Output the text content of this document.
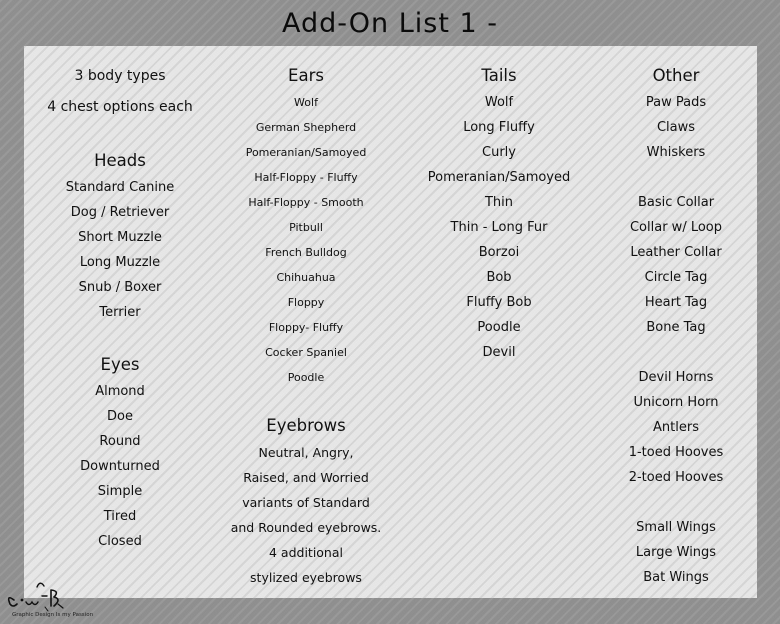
Add-On List 1 -
3 body types
4 chest options each
Heads
Standard Canine
Dog / Retriever
Short Muzzle
Long Muzzle
Snub / Boxer
Terrier
Eyes
Almond
Doe
Round
Downturned
Simple
Tired
Closed
Ears
Wolf
German Shepherd
Pomeranian/Samoyed
Half-Floppy - Fluffy
Half-Floppy - Smooth
Pitbull
French Bulldog
Chihuahua
Floppy
Floppy- Fluffy
Cocker Spaniel
Poodle
Eyebrows
Neutral, Angry,
Raised, and Worried
variants of Standard
and Rounded eyebrows.
4 additional
stylized eyebrows
Tails
Wolf
Long Fluffy
Curly
Pomeranian/Samoyed
Thin
Thin - Long Fur
Borzoi
Bob
Fluffy Bob
Poodle
Devil
Other
Paw Pads
Claws
Whiskers
Basic Collar
Collar w/ Loop
Leather Collar
Circle Tag
Heart Tag
Bone Tag
Devil Horns
Unicorn Horn
Antlers
1-toed Hooves
2-toed Hooves
Small Wings
Large Wings
Bat Wings
Graphic Design Is my Passion
